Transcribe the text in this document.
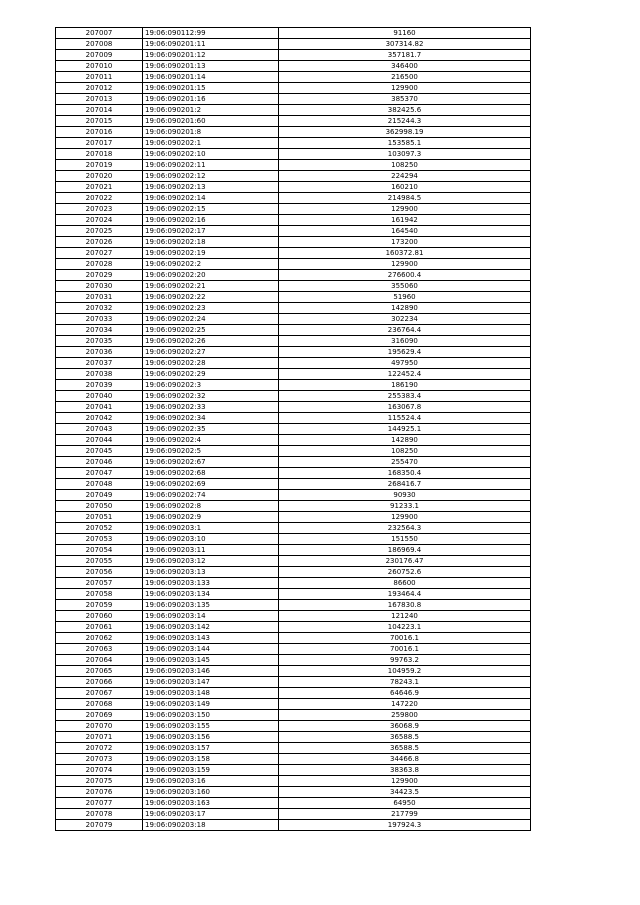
207007	19:06:090112:99	91160
207008	19:06:090201:11	307314.82
207009	19:06:090201:12	357181.7
207010	19:06:090201:13	346400
207011	19:06:090201:14	216500
207012	19:06:090201:15	129900
207013	19:06:090201:16	385370
207014	19:06:090201:2	382425.6
207015	19:06:090201:60	215244.3
207016	19:06:090201:8	362998.19
207017	19:06:090202:1	153585.1
207018	19:06:090202:10	103097.3
207019	19:06:090202:11	108250
207020	19:06:090202:12	224294
207021	19:06:090202:13	160210
207022	19:06:090202:14	214984.5
207023	19:06:090202:15	129900
207024	19:06:090202:16	161942
207025	19:06:090202:17	164540
207026	19:06:090202:18	173200
207027	19:06:090202:19	160372.81
207028	19:06:090202:2	129900
207029	19:06:090202:20	276600.4
207030	19:06:090202:21	355060
207031	19:06:090202:22	51960
207032	19:06:090202:23	142890
207033	19:06:090202:24	302234
207034	19:06:090202:25	236764.4
207035	19:06:090202:26	316090
207036	19:06:090202:27	195629.4
207037	19:06:090202:28	497950
207038	19:06:090202:29	122452.4
207039	19:06:090202:3	186190
207040	19:06:090202:32	255383.4
207041	19:06:090202:33	163067.8
207042	19:06:090202:34	115524.4
207043	19:06:090202:35	144925.1
207044	19:06:090202:4	142890
207045	19:06:090202:5	108250
207046	19:06:090202:67	255470
207047	19:06:090202:68	168350.4
207048	19:06:090202:69	268416.7
207049	19:06:090202:74	90930
207050	19:06:090202:8	91233.1
207051	19:06:090202:9	129900
207052	19:06:090203:1	232564.3
207053	19:06:090203:10	151550
207054	19:06:090203:11	186969.4
207055	19:06:090203:12	230176.47
207056	19:06:090203:13	260752.6
207057	19:06:090203:133	86600
207058	19:06:090203:134	193464.4
207059	19:06:090203:135	167830.8
207060	19:06:090203:14	121240
207061	19:06:090203:142	104223.1
207062	19:06:090203:143	70016.1
207063	19:06:090203:144	70016.1
207064	19:06:090203:145	99763.2
207065	19:06:090203:146	104959.2
207066	19:06:090203:147	78243.1
207067	19:06:090203:148	64646.9
207068	19:06:090203:149	147220
207069	19:06:090203:150	259800
207070	19:06:090203:155	36068.9
207071	19:06:090203:156	36588.5
207072	19:06:090203:157	36588.5
207073	19:06:090203:158	34466.8
207074	19:06:090203:159	38363.8
207075	19:06:090203:16	129900
207076	19:06:090203:160	34423.5
207077	19:06:090203:163	64950
207078	19:06:090203:17	217799
207079	19:06:090203:18	197924.3
